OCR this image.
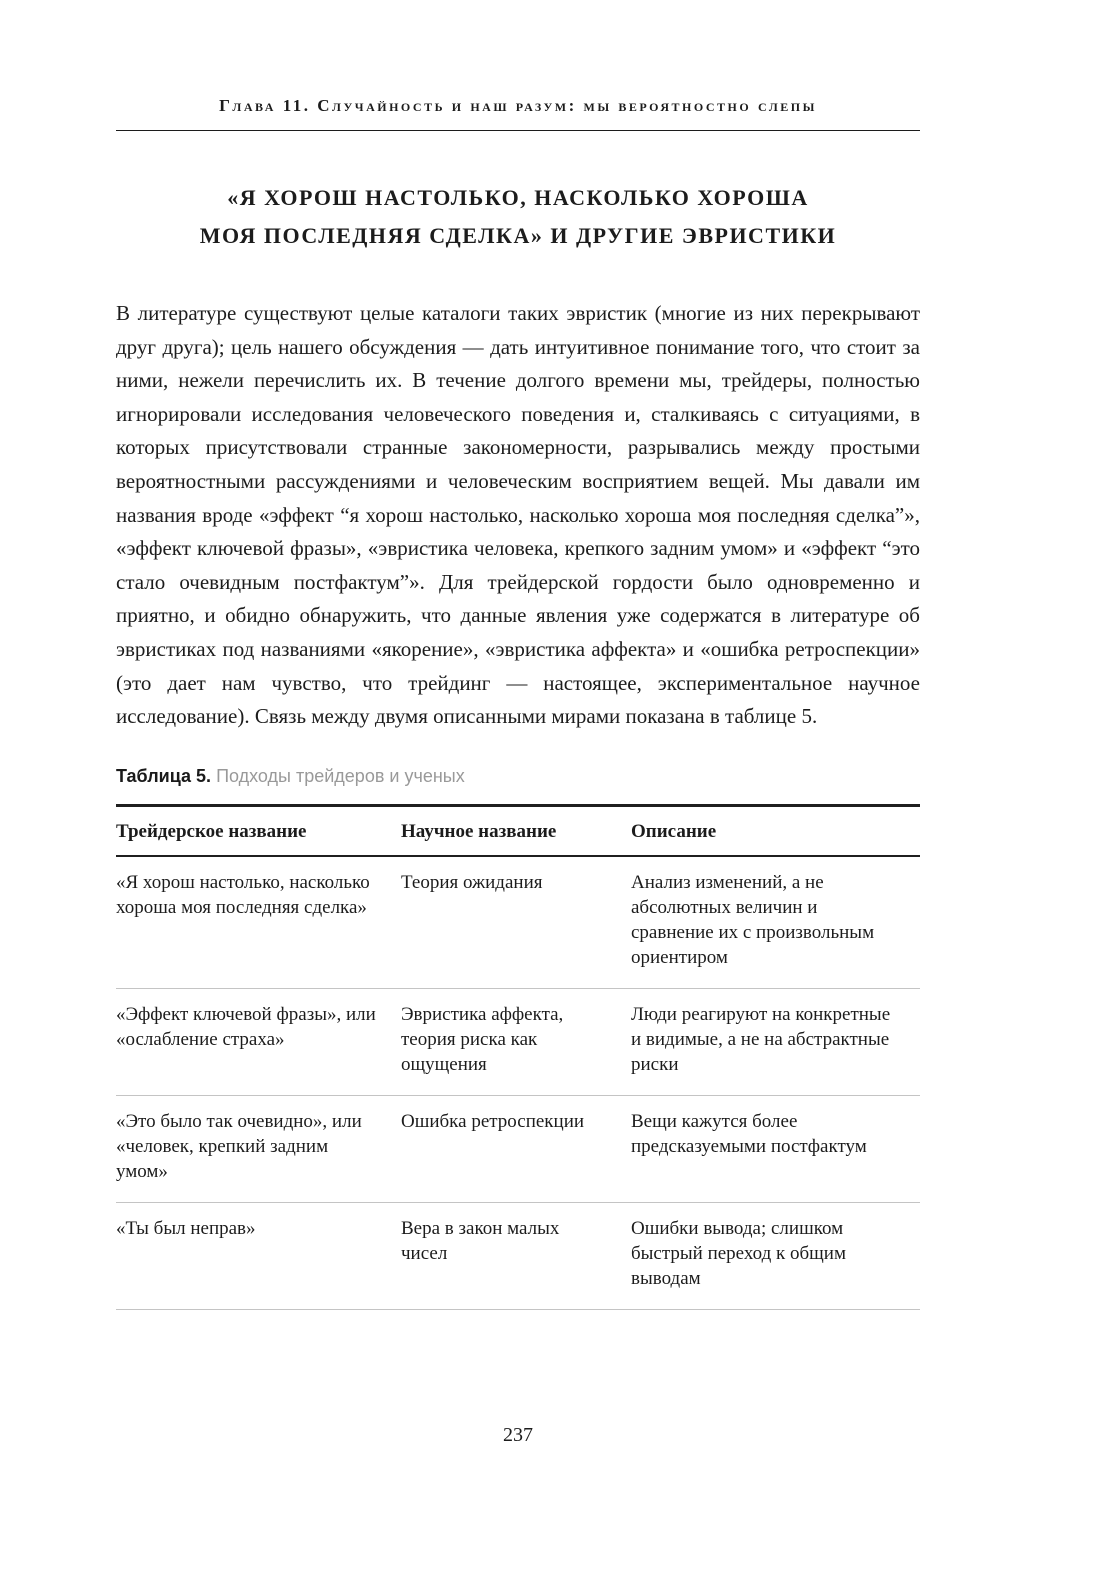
Глава 11. Случайность и наш разум: мы вероятностно слепы
«Я ХОРОШ НАСТОЛЬКО, НАСКОЛЬКО ХОРОША
МОЯ ПОСЛЕДНЯЯ СДЕЛКА» И ДРУГИЕ ЭВРИСТИКИ

В литературе существуют целые каталоги таких эвристик (многие из них перекрывают друг друга); цель нашего обсуждения — дать интуитивное понимание того, что стоит за ними, нежели перечислить их. В течение долгого времени мы, трейдеры, полностью игнорировали исследования человеческого поведения и, сталкиваясь с ситуациями, в которых присутствовали странные закономерности, разрывались между простыми вероятностными рассуждениями и человеческим восприятием вещей. Мы давали им названия вроде «эффект “я хорош настолько, насколько хороша моя последняя сделка”», «эффект ключевой фразы», «эвристика человека, крепкого задним умом» и «эффект “это стало очевидным постфактум”». Для трейдерской гордости было одновременно и приятно, и обидно обнаружить, что данные явления уже содержатся в литературе об эвристиках под названиями «якорение», «эвристика аффекта» и «ошибка ретроспекции» (это дает нам чувство, что трейдинг — настоящее, экспериментальное научное исследование). Связь между двумя описанными мирами показана в таблице 5.

Таблица 5. Подходы трейдеров и ученых

Трейдерское название	Научное название	Описание
«Я хорош настолько, насколько хороша моя последняя сделка»	Теория ожидания	Анализ изменений, а не абсолютных величин и сравнение их с произвольным ориентиром
«Эффект ключевой фразы», или «ослабление страха»	Эвристика аффекта, теория риска как ощущения	Люди реагируют на конкретные и видимые, а не на абстрактные риски
«Это было так очевидно», или «человек, крепкий задним умом»	Ошибка ретроспекции	Вещи кажутся более предсказуемыми постфактум
«Ты был неправ»	Вера в закон малых чисел	Ошибки вывода; слишком быстрый переход к общим выводам
237
